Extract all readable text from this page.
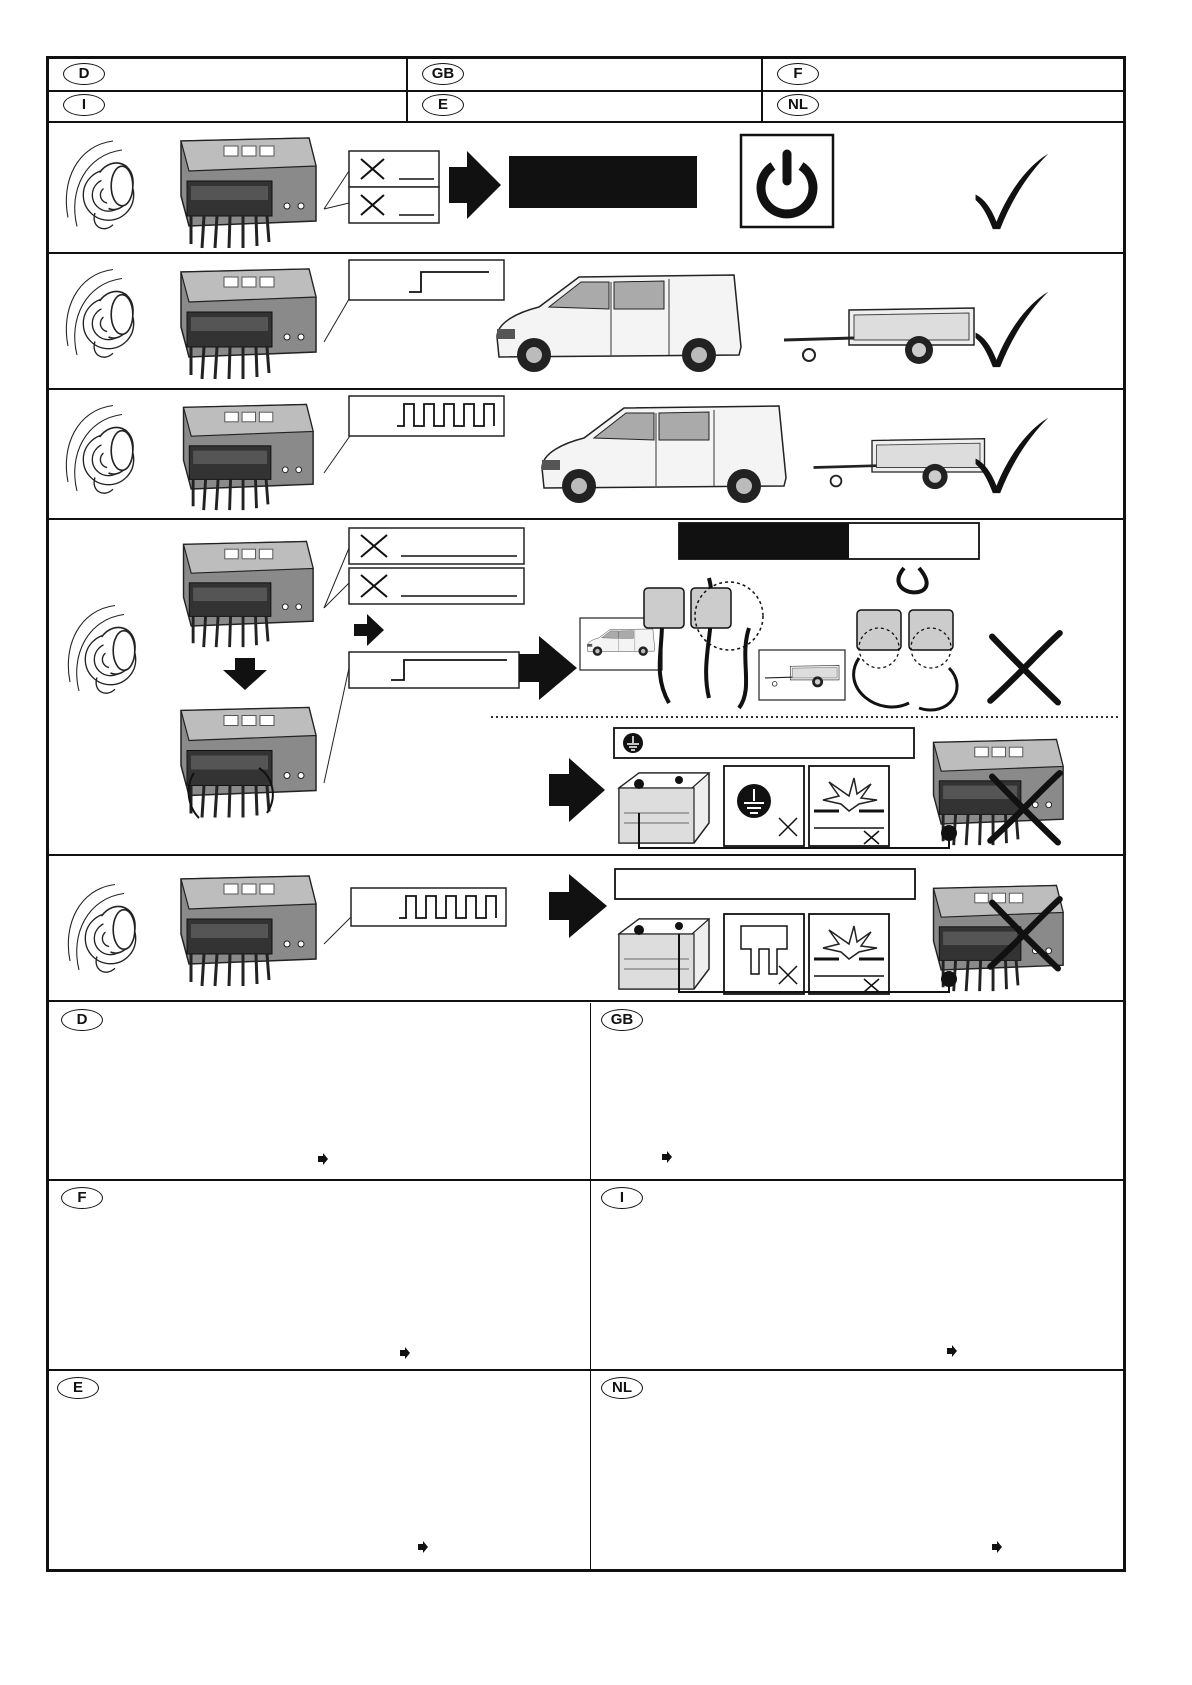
D	GB	F
I	E	NL
D	GB
F	I
E	NL
